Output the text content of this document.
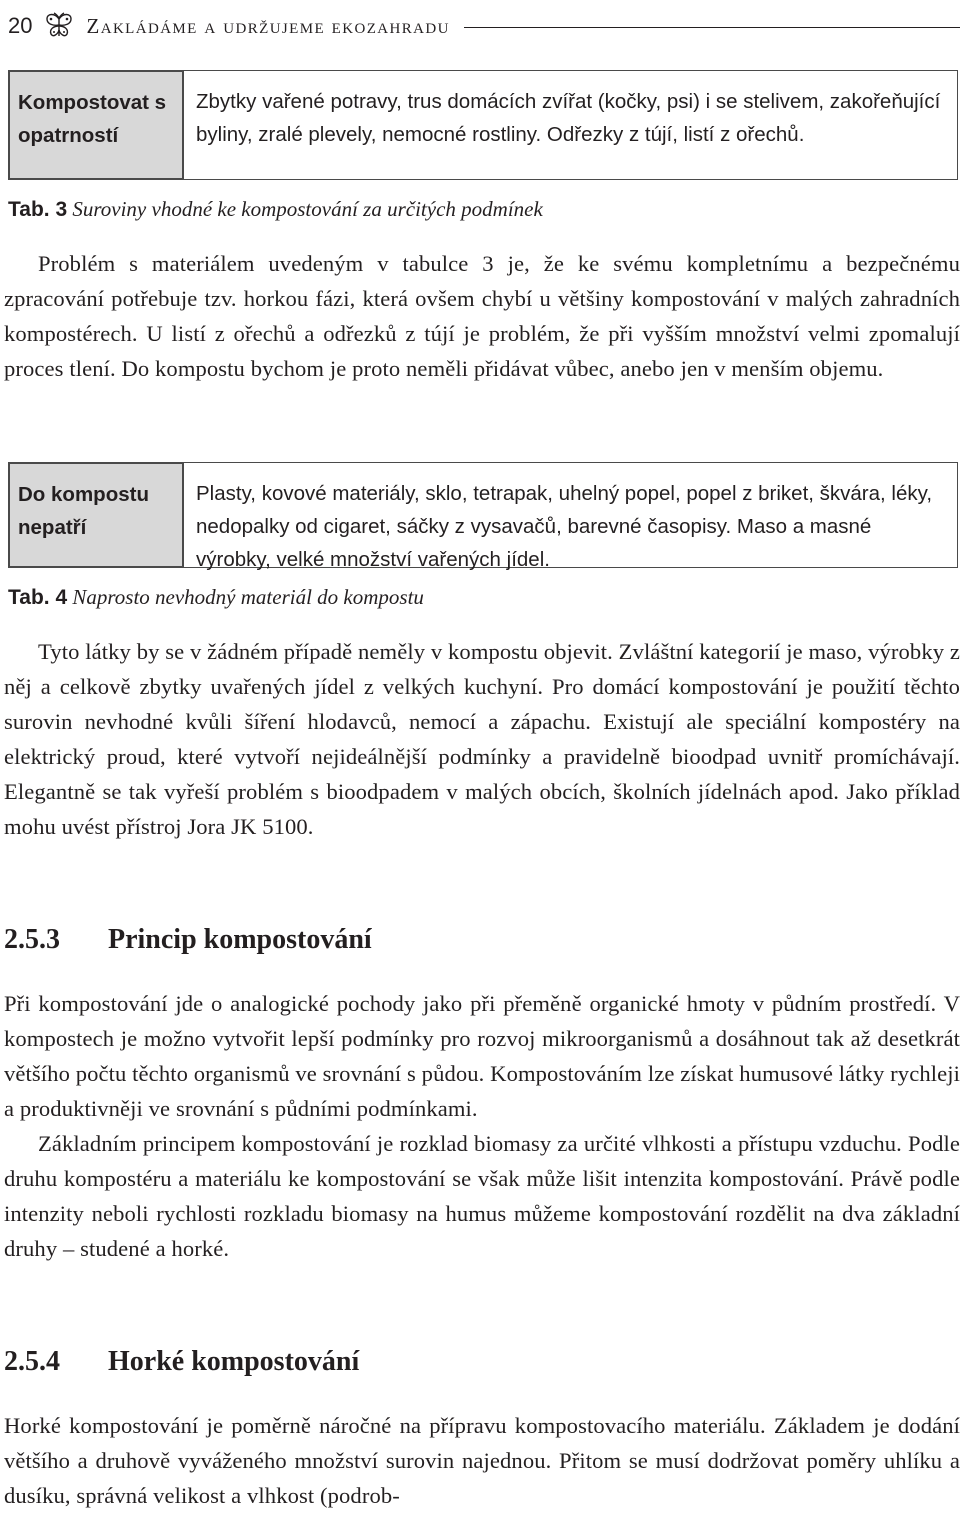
20	Zakládáme a udržujeme ekozahradu
Kompostovat s opatrností
Zbytky vařené potravy, trus domácích zvířat (kočky, psi) i se stelivem, zakořeňující byliny, zralé plevely, nemocné rostliny. Odřezky z tújí, listí z ořechů.
Tab. 3 Suroviny vhodné ke kompostování za určitých podmínek

Problém s materiálem uvedeným v tabulce 3 je, že ke svému kompletnímu a bezpečnému zpracování potřebuje tzv. horkou fázi, která ovšem chybí u většiny kompostování v malých zahradních kompostérech. U listí z ořechů a odřezků z tújí je problém, že při vyšším množství velmi zpomalují proces tlení. Do kompostu bychom je proto neměli přidávat vůbec, anebo jen v menším objemu.

Do kompostu nepatří
Plasty, kovové materiály, sklo, tetrapak, uhelný popel, popel z briket, škvára, léky, nedopalky od cigaret, sáčky z vysavačů, barevné časopisy. Maso a masné výrobky, velké množství vařených jídel.
Tab. 4 Naprosto nevhodný materiál do kompostu

Tyto látky by se v žádném případě neměly v kompostu objevit. Zvláštní kategorií je maso, výrobky z něj a celkově zbytky uvařených jídel z velkých kuchyní. Pro domácí kompostování je použití těchto surovin nevhodné kvůli šíření hlodavců, nemocí a zápachu. Existují ale speciální kompostéry na elektrický proud, které vytvoří nejideálnější podmínky a pravidelně bioodpad uvnitř promíchávají. Elegantně se tak vyřeší problém s bioodpadem v malých obcích, školních jídelnách apod. Jako příklad mohu uvést přístroj Jora JK 5100.

2.5.3	Princip kompostování

Při kompostování jde o analogické pochody jako při přeměně organické hmoty v půdním prostředí. V kompostech je možno vytvořit lepší podmínky pro rozvoj mikroorganismů a dosáhnout tak až desetkrát většího počtu těchto organismů ve srovnání s půdou. Kompostováním lze získat humusové látky rychleji a produktivněji ve srovnání s půdními podmínkami.

Základním principem kompostování je rozklad biomasy za určité vlhkosti a přístupu vzduchu. Podle druhu kompostéru a materiálu ke kompostování se však může lišit intenzita kompostování. Právě podle intenzity neboli rychlosti rozkladu biomasy na humus můžeme kompostování rozdělit na dva základní druhy – studené a horké.

2.5.4	Horké kompostování

Horké kompostování je poměrně náročné na přípravu kompostovacího materiálu. Základem je dodání většího a druhově vyváženého množství surovin najednou. Přitom se musí dodržovat poměry uhlíku a dusíku, správná velikost a vlhkost (podrob-
